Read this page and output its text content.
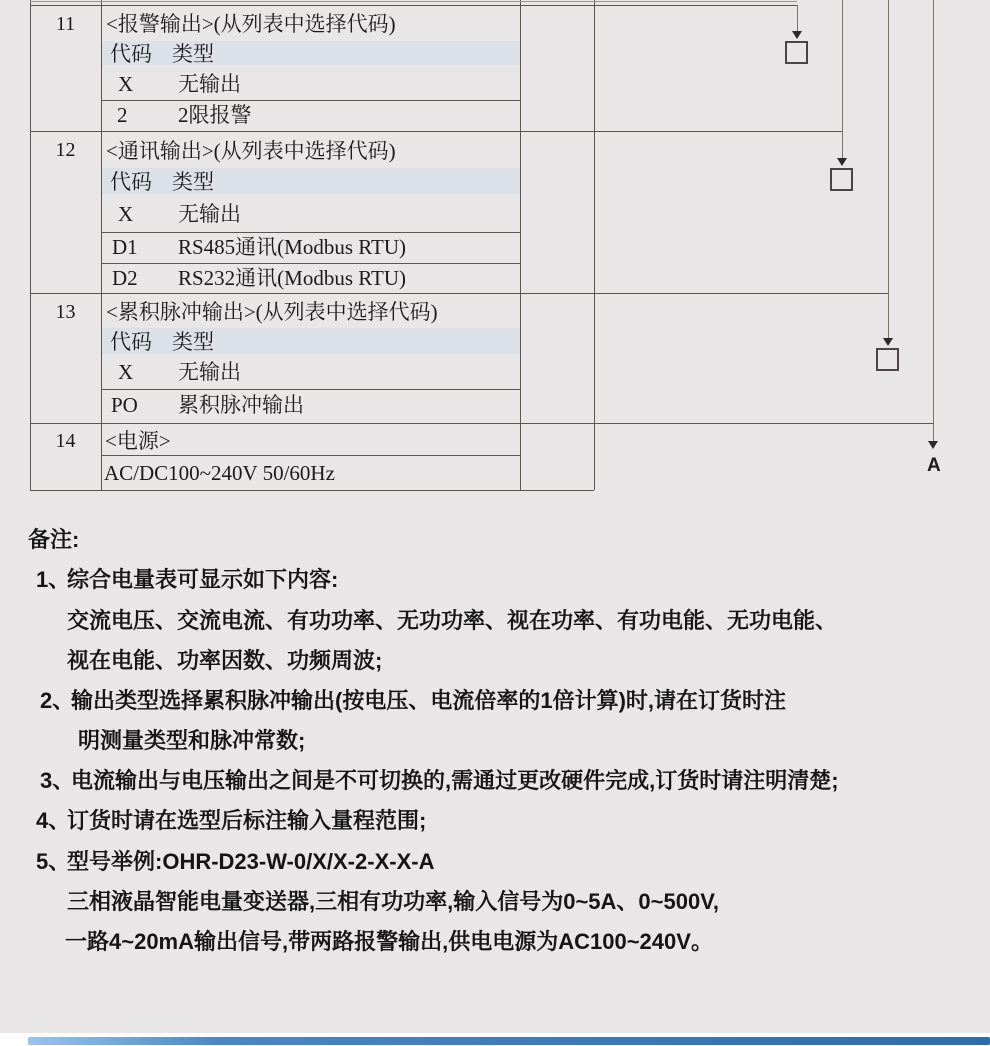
11	<报警输出>(从列表中选择代码)
代码 类型
X 无输出
2 2限报警
12	<通讯输出>(从列表中选择代码)
代码 类型
X 无输出
D1 RS485通讯(Modbus RTU)
D2 RS232通讯(Modbus RTU)
13	<累积脉冲输出>(从列表中选择代码)
代码 类型
X 无输出
PO 累积脉冲输出
14	<电源>
AC/DC100~240V 50/60Hz	A
备注:
1、
综合电量表可显示如下内容:
交流电压、交流电流、有功功率、无功功率、视在功率、有功电能、无功电能、
视在电能、功率因数、功频周波;
2、
输出类型选择累积脉冲输出(按电压、电流倍率的1倍计算)时,请在订货时注
明测量类型和脉冲常数;
3、
电流输出与电压输出之间是不可切换的,需通过更改硬件完成,订货时请注明清楚;
4、
订货时请在选型后标注输入量程范围;
5、
型号举例:OHR-D23-W-0/X/X-2-X-X-A
三相液晶智能电量变送器,三相有功功率,输入信号为0~5A、0~500V,
一路4~20mA输出信号,带两路报警输出,供电电源为AC100~240V。
